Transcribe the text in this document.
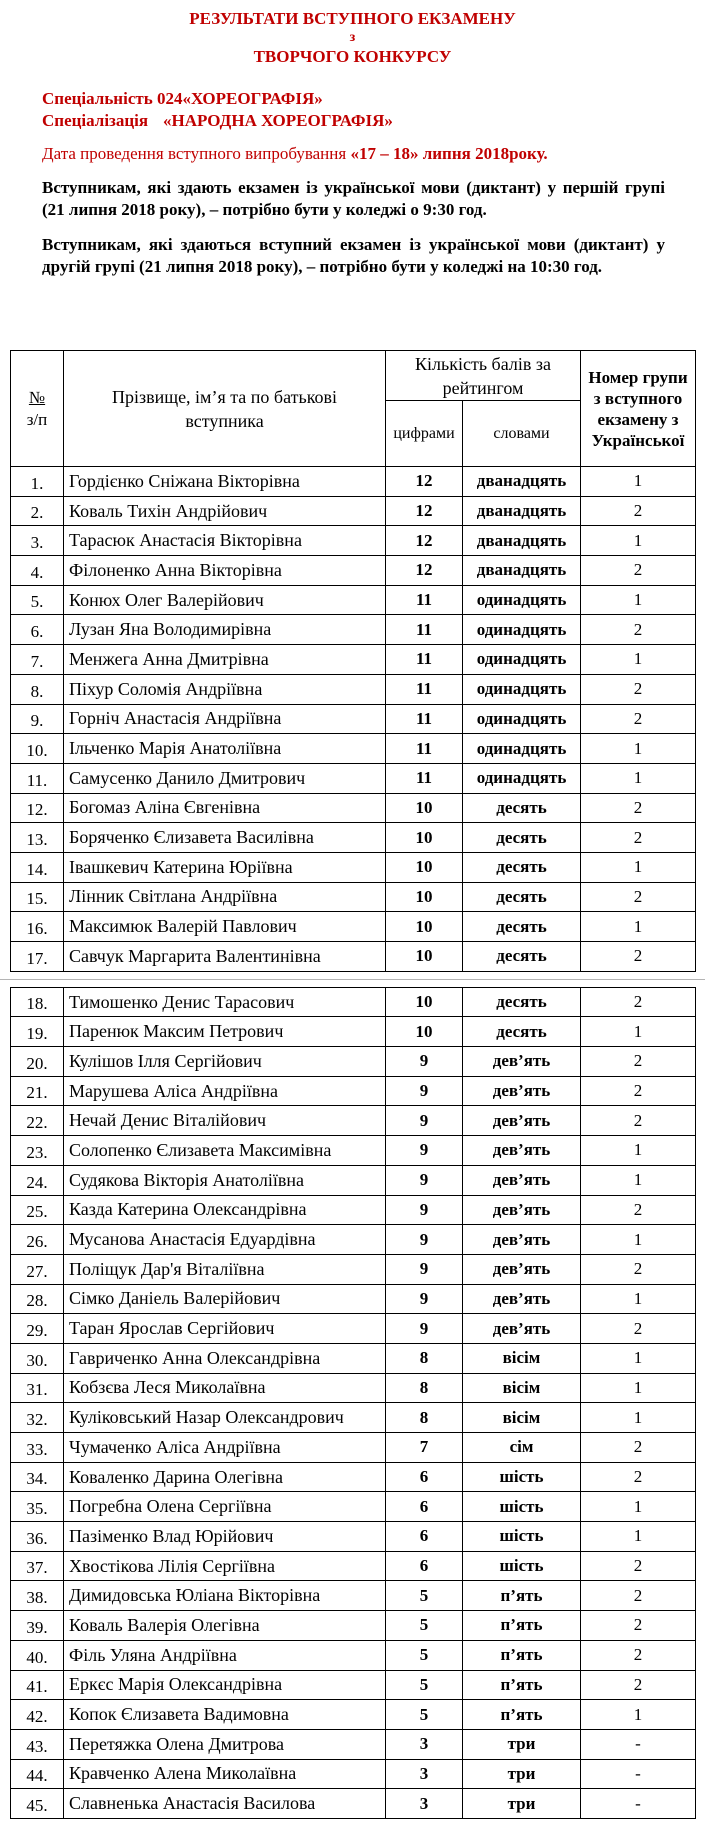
РЕЗУЛЬТАТИ ВСТУПНОГО ЕКЗАМЕНУ
з
ТВОРЧОГО КОНКУРСУ
Спеціальність 024«ХОРЕОГРАФІЯ»
Спеціалізація «НАРОДНА ХОРЕОГРАФІЯ»
Дата проведення вступного випробування «17 – 18» липня 2018року.

Вступникам, які здають екзамен із української мови (диктант) у першій групі (21 липня 2018 року), – потрібно бути у коледжі о 9:30 год.

Вступникам, які здаються вступний екзамен із української мови (диктант) у другій групі (21 липня 2018 року), – потрібно бути у коледжі на 10:30 год.

№
з/п	Прізвище, ім’я та по батькові вступника	Кількість балів за рейтингом		Номер групи з вступного екзамену з Української
		цифрами	словами	
1.	Гордієнко Сніжана Вікторівна	12	дванадцять	1
2.	Коваль Тихін Андрійович	12	дванадцять	2
3.	Тарасюк Анастасія Вікторівна	12	дванадцять	1
4.	Філоненко Анна Вікторівна	12	дванадцять	2
5.	Конюх Олег Валерійович	11	одинадцять	1
6.	Лузан Яна Володимирівна	11	одинадцять	2
7.	Менжега Анна Дмитрівна	11	одинадцять	1
8.	Піхур Соломія Андріївна	11	одинадцять	2
9.	Горніч Анастасія Андріївна	11	одинадцять	2
10.	Ільченко Марія Анатоліївна	11	одинадцять	1
11.	Самусенко Данило Дмитрович	11	одинадцять	1
12.	Богомаз Аліна Євгенівна	10	десять	2
13.	Боряченко Єлизавета Василівна	10	десять	2
14.	Івашкевич Катерина Юріївна	10	десять	1
15.	Лінник Світлана Андріївна	10	десять	2
16.	Максимюк Валерій Павлович	10	десять	1
17.	Савчук Маргарита Валентинівна	10	десять	2
18.	Тимошенко Денис Тарасович	10	десять	2
19.	Паренюк Максим Петрович	10	десять	1
20.	Кулішов Ілля Сергійович	9	дев’ять	2
21.	Марушева Аліса Андріївна	9	дев’ять	2
22.	Нечай Денис Віталійович	9	дев’ять	2
23.	Солопенко Єлизавета Максимівна	9	дев’ять	1
24.	Судякова Вікторія Анатоліївна	9	дев’ять	1
25.	Казда Катерина Олександрівна	9	дев’ять	2
26.	Мусанова Анастасія Едуардівна	9	дев’ять	1
27.	Поліщук Дар'я Віталіївна	9	дев’ять	2
28.	Сімко Даніель Валерійович	9	дев’ять	1
29.	Таран Ярослав Сергійович	9	дев’ять	2
30.	Гавриченко Анна Олександрівна	8	вісім	1
31.	Кобзєва Леся Миколаївна	8	вісім	1
32.	Куліковський Назар Олександрович	8	вісім	1
33.	Чумаченко Аліса Андріївна	7	сім	2
34.	Коваленко Дарина Олегівна	6	шість	2
35.	Погребна Олена Сергіївна	6	шість	1
36.	Пазіменко Влад Юрійович	6	шість	1
37.	Хвостікова Лілія Сергіївна	6	шість	2
38.	Димидовська Юліана Вікторівна	5	п’ять	2
39.	Коваль Валерія Олегівна	5	п’ять	2
40.	Філь Уляна Андріївна	5	п’ять	2
41.	Еркєс Марія Олександрівна	5	п’ять	2
42.	Копок Єлизавета Вадимовна	5	п’ять	1
43.	Перетяжка Олена Дмитрова	3	три	-
44.	Кравченко Алена Миколаївна	3	три	-
45.	Славненька Анастасія Василова	3	три	-
